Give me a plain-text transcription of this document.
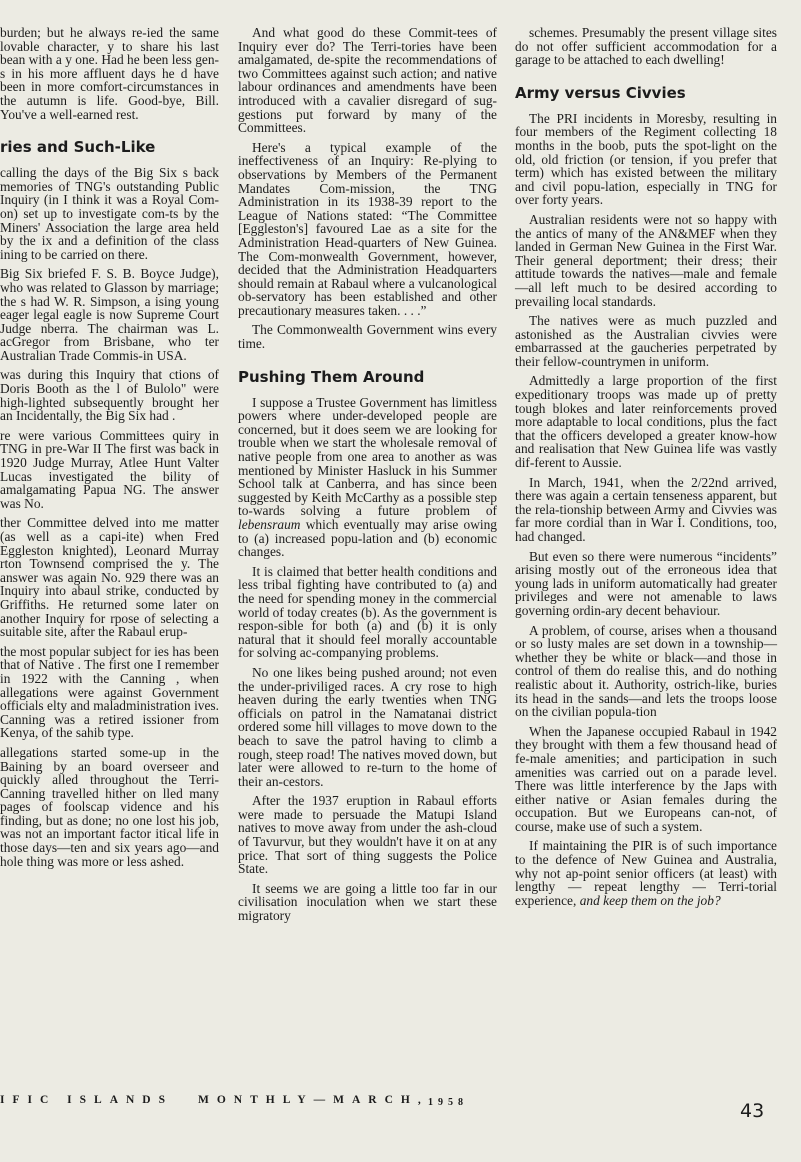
burden; but he always re-ied the same lovable character, y to share his last bean with a y one. Had he been less gen-s in his more affluent days he d have been in more comfort-circumstances in the autumn is life. Good-bye, Bill. You've a well-earned rest.

ries and Such-Like

calling the days of the Big Six s back memories of TNG's outstanding Public Inquiry (in I think it was a Royal Com-on) set up to investigate com-ts by the Miners' Association the large area held by the ix and a definition of the class ining to be carried on there.

Big Six briefed F. S. B. Boyce Judge), who was related to Glasson by marriage; the s had W. R. Simpson, a ising young eager legal eagle is now Supreme Court Judge nberra. The chairman was L. acGregor from Brisbane, who ter Australian Trade Commis-in USA.

was during this Inquiry that ctions of Doris Booth as the l of Bulolo" were high-lighted subsequently brought her an Incidentally, the Big Six had .

re were various Committees quiry in TNG in pre-War II The first was back in 1920 Judge Murray, Atlee Hunt Valter Lucas investigated the bility of amalgamating Papua NG. The answer was No.

ther Committee delved into me matter (as well as a capi-ite) when Fred Eggleston knighted), Leonard Murray rton Townsend comprised the y. The answer was again No. 929 there was an Inquiry into abaul strike, conducted by Griffiths. He returned some later on another Inquiry for rpose of selecting a suitable site, after the Rabaul erup-

the most popular subject for ies has been that of Native . The first one I remember in 1922 with the Canning , when allegations were against Government officials elty and maladministration ives. Canning was a retired issioner from Kenya, of the sahib type.

allegations started some-up in the Baining by an board overseer and quickly alled throughout the Terri-Canning travelled hither on lled many pages of foolscap vidence and his finding, but as done; no one lost his job, was not an important factor itical life in those days—ten and six years ago—and hole thing was more or less ashed.

And what good do these Commit-tees of Inquiry ever do? The Terri-tories have been amalgamated, de-spite the recommendations of two Committees against such action; and native labour ordinances and amendments have been introduced with a cavalier disregard of sug-gestions put forward by many of the Committees.

Here's a typical example of the ineffectiveness of an Inquiry: Re-plying to observations by Members of the Permanent Mandates Com-mission, the TNG Administration in its 1938-39 report to the League of Nations stated: “The Committee [Eggleston's] favoured Lae as a site for the Administration Head-quarters of New Guinea. The Com-monwealth Government, however, decided that the Administration Headquarters should remain at Rabaul where a vulcanological ob-servatory has been established and other precautionary measures taken. . . .”

The Commonwealth Government wins every time.

Pushing Them Around

I suppose a Trustee Government has limitless powers where under-developed people are concerned, but it does seem we are looking for trouble when we start the wholesale removal of native people from one area to another as was mentioned by Minister Hasluck in his Summer School talk at Canberra, and has since been suggested by Keith McCarthy as a possible step to-wards solving a future problem of lebensraum which eventually may arise owing to (a) increased popu-lation and (b) economic changes.

It is claimed that better health conditions and less tribal fighting have contributed to (a) and the need for spending money in the commercial world of today creates (b). As the government is respon-sible for both (a) and (b) it is only natural that it should feel morally accountable for solving ac-companying problems.

No one likes being pushed around; not even the under-priviliged races. A cry rose to high heaven during the early twenties when TNG officials on patrol in the Namatanai district ordered some hill villages to move down to the beach to save the patrol having to climb a rough, steep road! The natives moved down, but later were allowed to re-turn to the home of their an-cestors.

After the 1937 eruption in Rabaul efforts were made to persuade the Matupi Island natives to move away from under the ash-cloud of Tavurvur, but they wouldn't have it on at any price. That sort of thing suggests the Police State.

It seems we are going a little too far in our civilisation inoculation when we start these migratory

schemes. Presumably the present village sites do not offer sufficient accommodation for a garage to be attached to each dwelling!

Army versus Civvies

The PRI incidents in Moresby, resulting in four members of the Regiment collecting 18 months in the boob, puts the spot-light on the old, old friction (or tension, if you prefer that term) which has existed between the military and civil popu-lation, especially in TNG for over forty years.

Australian residents were not so happy with the antics of many of the AN&MEF when they landed in German New Guinea in the First War. Their general deportment; their dress; their attitude towards the natives—male and female—all left much to be desired according to prevailing local standards.

The natives were as much puzzled and astonished as the Australian civvies were embarrassed at the gaucheries perpetrated by their fellow-countrymen in uniform.

Admittedly a large proportion of the first expeditionary troops was made up of pretty tough blokes and later reinforcements proved more adaptable to local conditions, plus the fact that the officers developed a greater know-how and realisation that New Guinea life was vastly dif-ferent to Aussie.

In March, 1941, when the 2/22nd arrived, there was again a certain tenseness apparent, but the rela-tionship between Army and Civvies was far more cordial than in War I. Conditions, too, had changed.

But even so there were numerous “incidents” arising mostly out of the erroneous idea that young lads in uniform automatically had greater privileges and were not amenable to laws governing ordin-ary decent behaviour.

A problem, of course, arises when a thousand or so lusty males are set down in a township—whether they be white or black—and those in control of them do realise this, and do nothing realistic about it. Authority, ostrich-like, buries its head in the sands—and lets the troops loose on the civilian popula-tion

When the Japanese occupied Rabaul in 1942 they brought with them a few thousand head of fe-male amenities; and participation in such amenities was carried out on a parade level. There was little interference by the Japs with either native or Asian females during the occupation. But we Europeans can-not, of course, make use of such a system.

If maintaining the PIR is of such importance to the defence of New Guinea and Australia, why not ap-point senior officers (at least) with lengthy — repeat lengthy — Terri-torial experience, and keep them on the job?

IFIC ISLANDS MONTHLY—MARCH, 1958	43
